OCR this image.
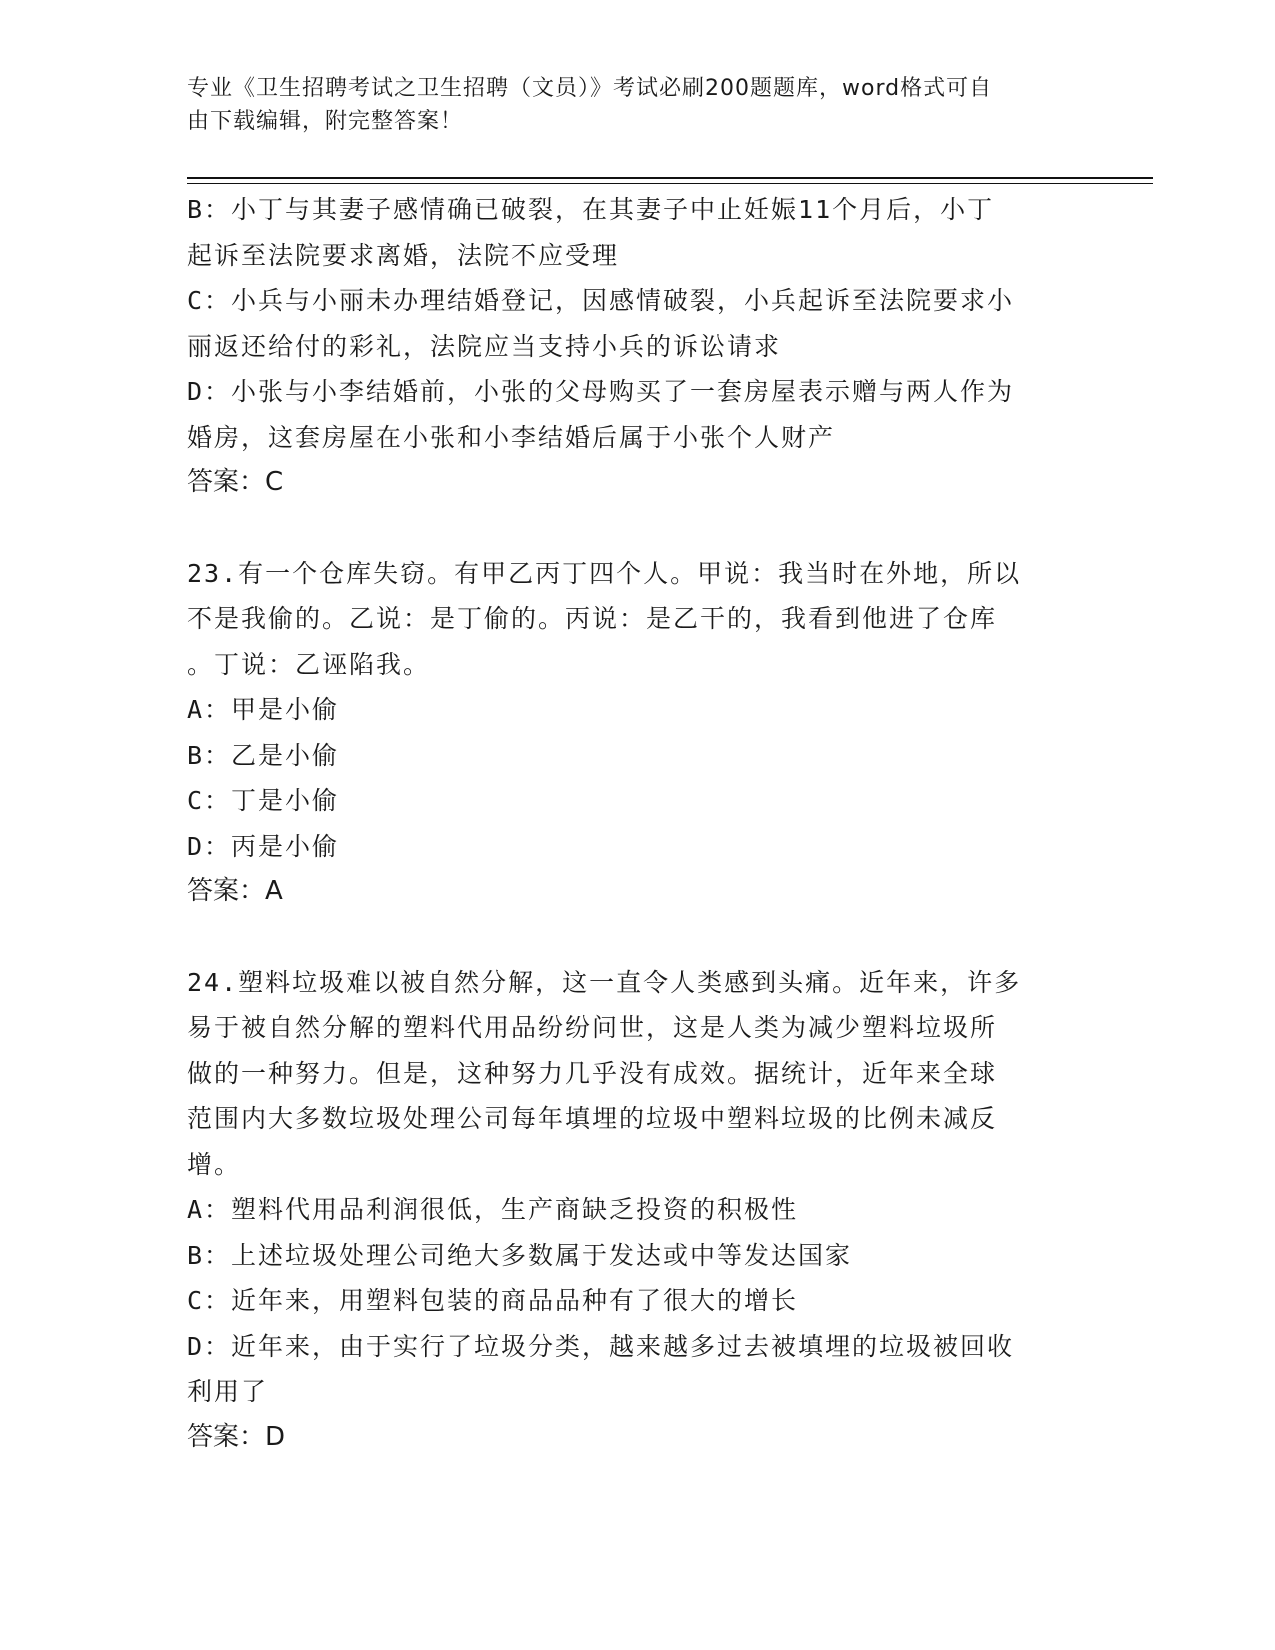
专业《卫生招聘考试之卫生招聘（文员）》考试必刷200题题库，word格式可自
由下载编辑，附完整答案！
B：小丁与其妻子感情确已破裂，在其妻子中止妊娠11个月后，小丁
起诉至法院要求离婚，法院不应受理
C：小兵与小丽未办理结婚登记，因感情破裂，小兵起诉至法院要求小
丽返还给付的彩礼，法院应当支持小兵的诉讼请求
D：小张与小李结婚前，小张的父母购买了一套房屋表示赠与两人作为
婚房，这套房屋在小张和小李结婚后属于小张个人财产
答案：C
23.有一个仓库失窃。有甲乙丙丁四个人。甲说：我当时在外地，所以
不是我偷的。乙说：是丁偷的。丙说：是乙干的，我看到他进了仓库
。丁说：乙诬陷我。
A：甲是小偷
B：乙是小偷
C：丁是小偷
D：丙是小偷
答案：A
24.塑料垃圾难以被自然分解，这一直令人类感到头痛。近年来，许多
易于被自然分解的塑料代用品纷纷问世，这是人类为减少塑料垃圾所
做的一种努力。但是，这种努力几乎没有成效。据统计，近年来全球
范围内大多数垃圾处理公司每年填埋的垃圾中塑料垃圾的比例未减反
增。
A：塑料代用品利润很低，生产商缺乏投资的积极性
B：上述垃圾处理公司绝大多数属于发达或中等发达国家
C：近年来，用塑料包装的商品品种有了很大的增长
D：近年来，由于实行了垃圾分类，越来越多过去被填埋的垃圾被回收
利用了
答案：D
